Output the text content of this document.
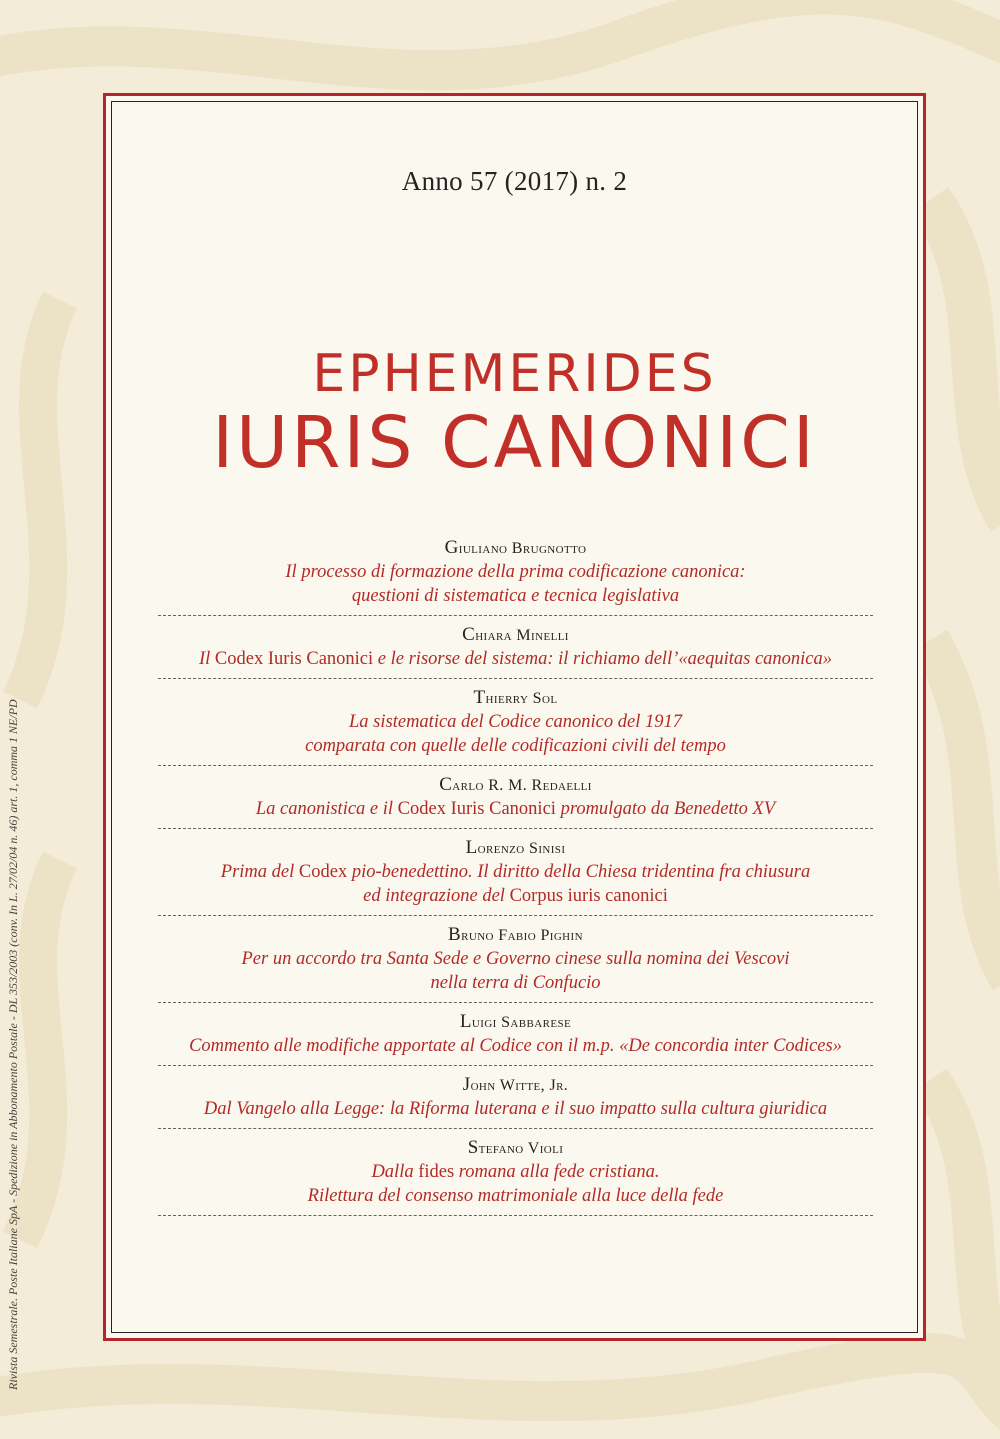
Rivista Semestrale. Poste Italiane SpA - Spedizione in Abbonamento Postale - DL 353/2003 (conv. In L. 27/02/04 n. 46) art. 1, comma 1 NE/PD
Anno 57 (2017) n. 2
EPHEMERIDES
IURIS CANONICI
Giuliano Brugnotto
Il processo di formazione della prima codificazione canonica:
questioni di sistematica e tecnica legislativa
Chiara Minelli
Il Codex Iuris Canonici e le risorse del sistema: il richiamo dell’«aequitas canonica»
Thierry Sol
La sistematica del Codice canonico del 1917
comparata con quelle delle codificazioni civili del tempo
Carlo R. M. Redaelli
La canonistica e il Codex Iuris Canonici promulgato da Benedetto XV
Lorenzo Sinisi
Prima del Codex pio-benedettino. Il diritto della Chiesa tridentina fra chiusura
ed integrazione del Corpus iuris canonici
Bruno Fabio Pighin
Per un accordo tra Santa Sede e Governo cinese sulla nomina dei Vescovi
nella terra di Confucio
Luigi Sabbarese
Commento alle modifiche apportate al Codice con il m.p. «De concordia inter Codices»
John Witte, Jr.
Dal Vangelo alla Legge: la Riforma luterana e il suo impatto sulla cultura giuridica
Stefano Violi
Dalla fides romana alla fede cristiana.
Rilettura del consenso matrimoniale alla luce della fede
